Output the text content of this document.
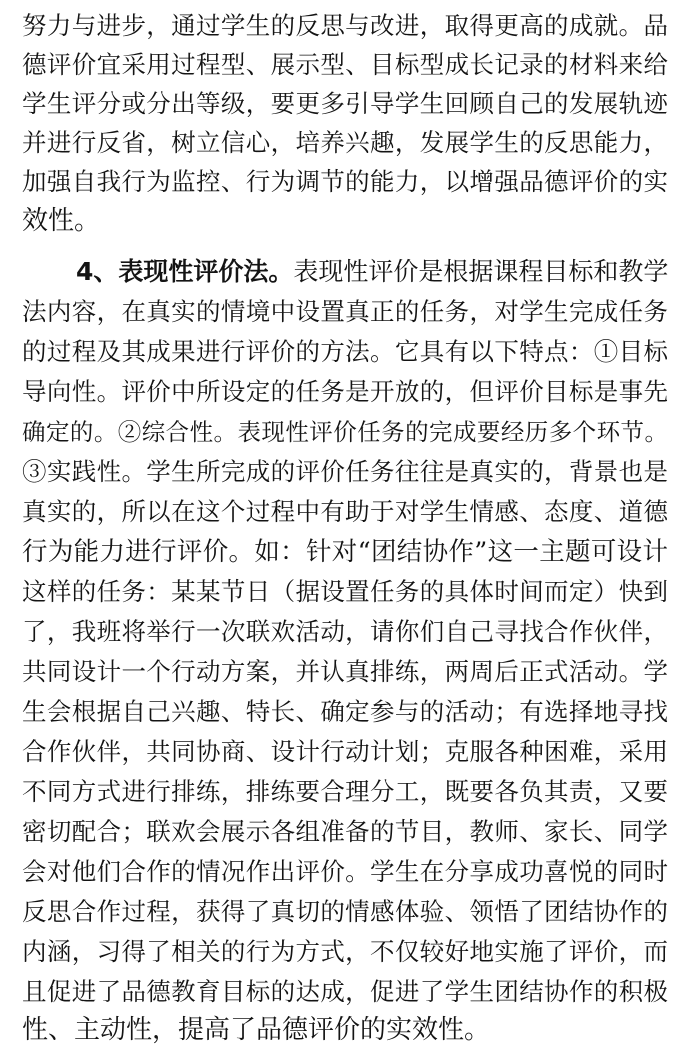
努力与进步，通过学生的反思与改进，取得更高的成就。品
德评价宜采用过程型、展示型、目标型成长记录的材料来给
学生评分或分出等级，要更多引导学生回顾自己的发展轨迹
并进行反省，树立信心，培养兴趣，发展学生的反思能力，
加强自我行为监控、行为调节的能力，以增强品德评价的实
效性。
4、表现性评价法。表现性评价是根据课程目标和教学
法内容，在真实的情境中设置真正的任务，对学生完成任务
的过程及其成果进行评价的方法。它具有以下特点：①目标
导向性。评价中所设定的任务是开放的，但评价目标是事先
确定的。②综合性。表现性评价任务的完成要经历多个环节。
③实践性。学生所完成的评价任务往往是真实的，背景也是
真实的，所以在这个过程中有助于对学生情感、态度、道德
行为能力进行评价。如：针对“团结协作”这一主题可设计
这样的任务：某某节日（据设置任务的具体时间而定）快到
了，我班将举行一次联欢活动，请你们自己寻找合作伙伴，
共同设计一个行动方案，并认真排练，两周后正式活动。学
生会根据自己兴趣、特长、确定参与的活动；有选择地寻找
合作伙伴，共同协商、设计行动计划；克服各种困难，采用
不同方式进行排练，排练要合理分工，既要各负其责，又要
密切配合；联欢会展示各组准备的节目，教师、家长、同学
会对他们合作的情况作出评价。学生在分享成功喜悦的同时
反思合作过程，获得了真切的情感体验、领悟了团结协作的
内涵，习得了相关的行为方式，不仅较好地实施了评价，而
且促进了品德教育目标的达成，促进了学生团结协作的积极
性、主动性，提高了品德评价的实效性。
